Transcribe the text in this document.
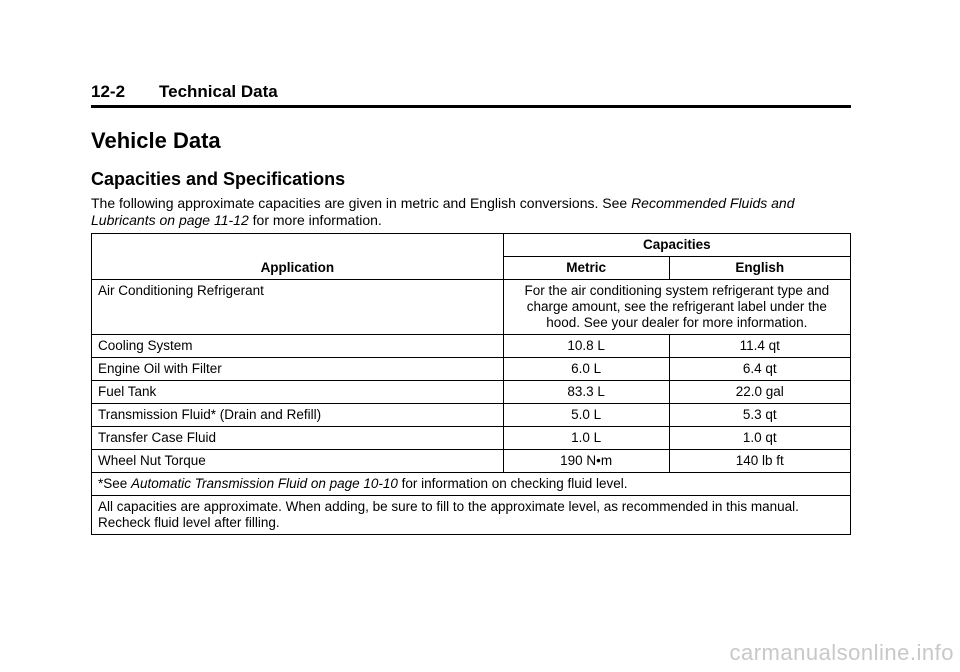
12-2 Technical Data
Vehicle Data
Capacities and Specifications
The following approximate capacities are given in metric and English conversions. See Recommended Fluids and Lubricants on page 11-12 for more information.
Application	Capacities	
	Metric	English
Air Conditioning Refrigerant	For the air conditioning system refrigerant type and charge amount, see the refrigerant label under the hood. See your dealer for more information.	
Cooling System	10.8 L	11.4 qt
Engine Oil with Filter	6.0 L	6.4 qt
Fuel Tank	83.3 L	22.0 gal
Transmission Fluid* (Drain and Refill)	5.0 L	5.3 qt
Transfer Case Fluid	1.0 L	1.0 qt
Wheel Nut Torque	190 N•m	140 lb ft
*See Automatic Transmission Fluid on page 10-10 for information on checking fluid level.		
All capacities are approximate. When adding, be sure to fill to the approximate level, as recommended in this manual. Recheck fluid level after filling.		
carmanualsonline.info
